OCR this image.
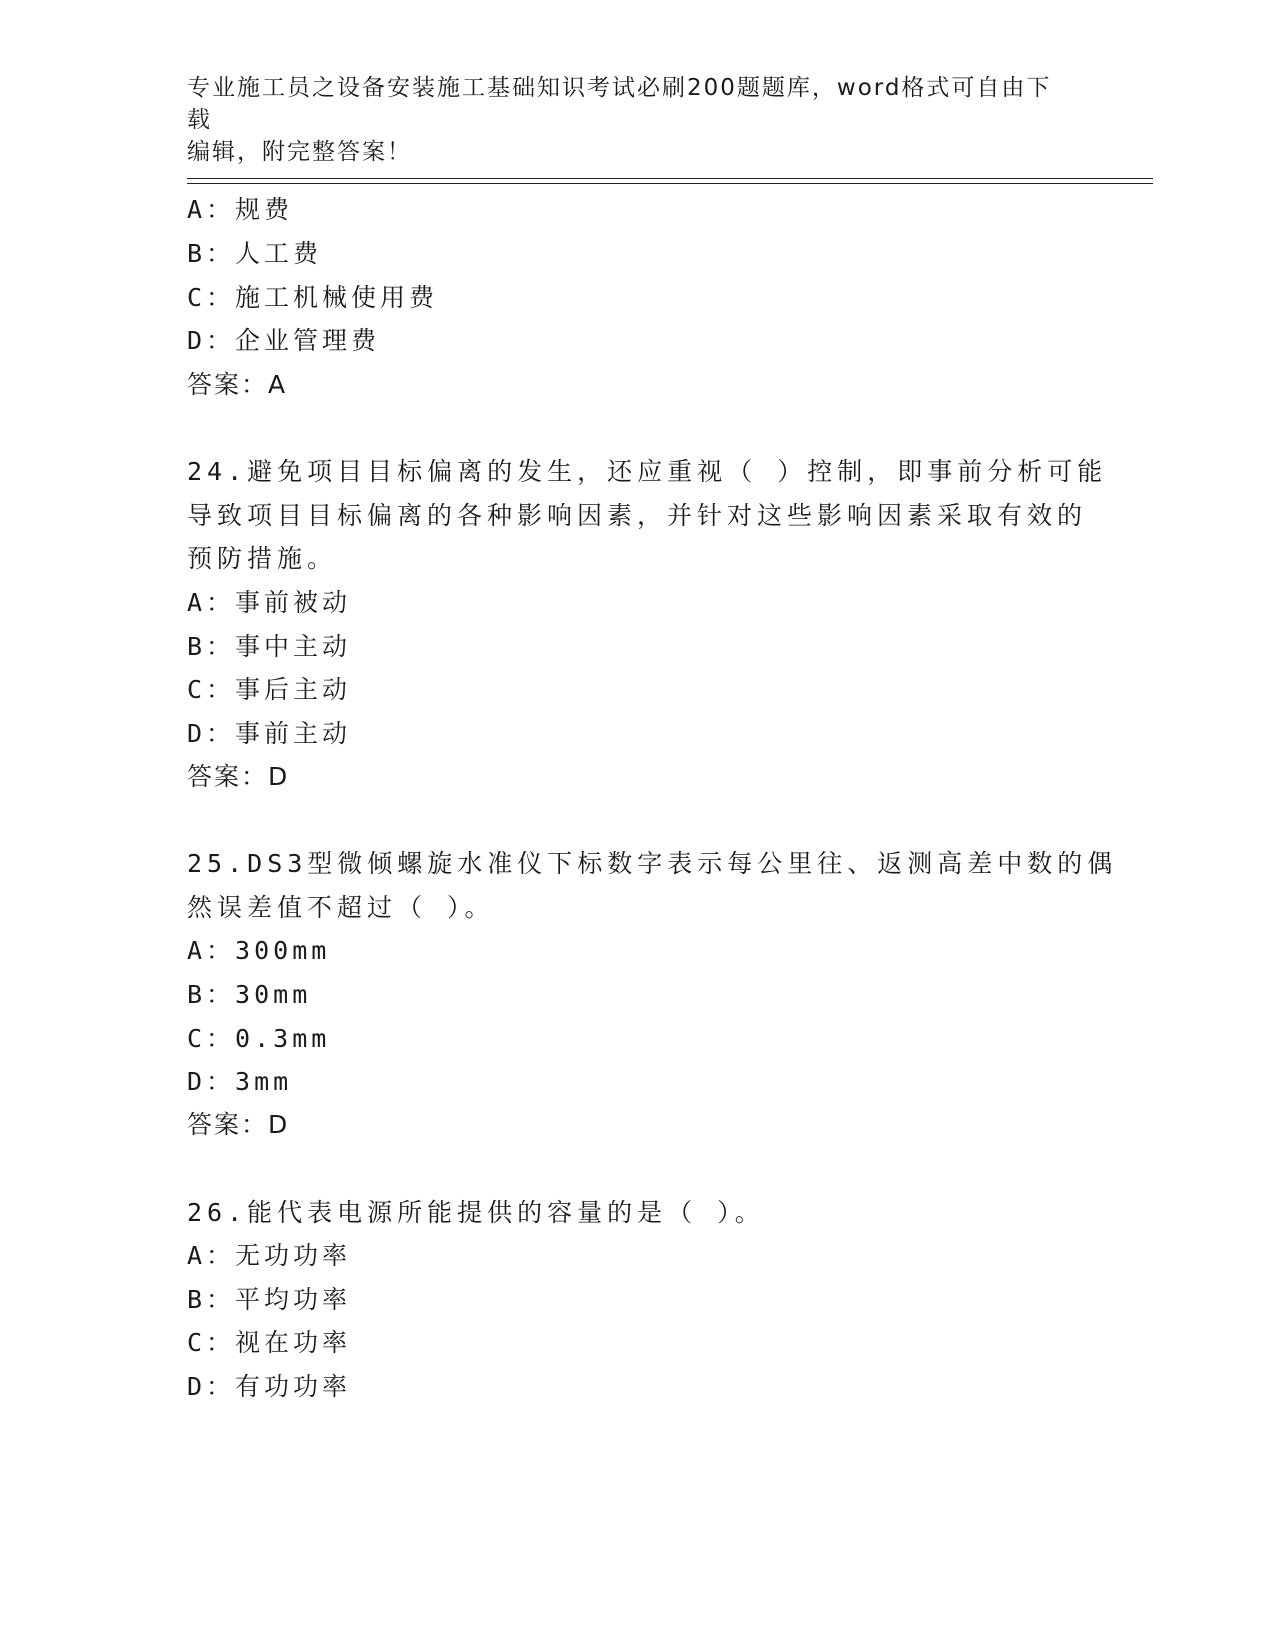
专业施工员之设备安装施工基础知识考试必刷200题题库，word格式可自由下载
编辑，附完整答案！
A：规费
B：人工费
C：施工机械使用费
D：企业管理费
答案：A
24.避免项目目标偏离的发生，还应重视（ ）控制，即事前分析可能
导致项目目标偏离的各种影响因素，并针对这些影响因素采取有效的
预防措施。
A：事前被动
B：事中主动
C：事后主动
D：事前主动
答案：D
25.DS3型微倾螺旋水准仪下标数字表示每公里往、返测高差中数的偶
然误差值不超过（ ）。
A：300mm
B：30mm
C：0.3mm
D：3mm
答案：D
26.能代表电源所能提供的容量的是（ ）。
A：无功功率
B：平均功率
C：视在功率
D：有功功率
